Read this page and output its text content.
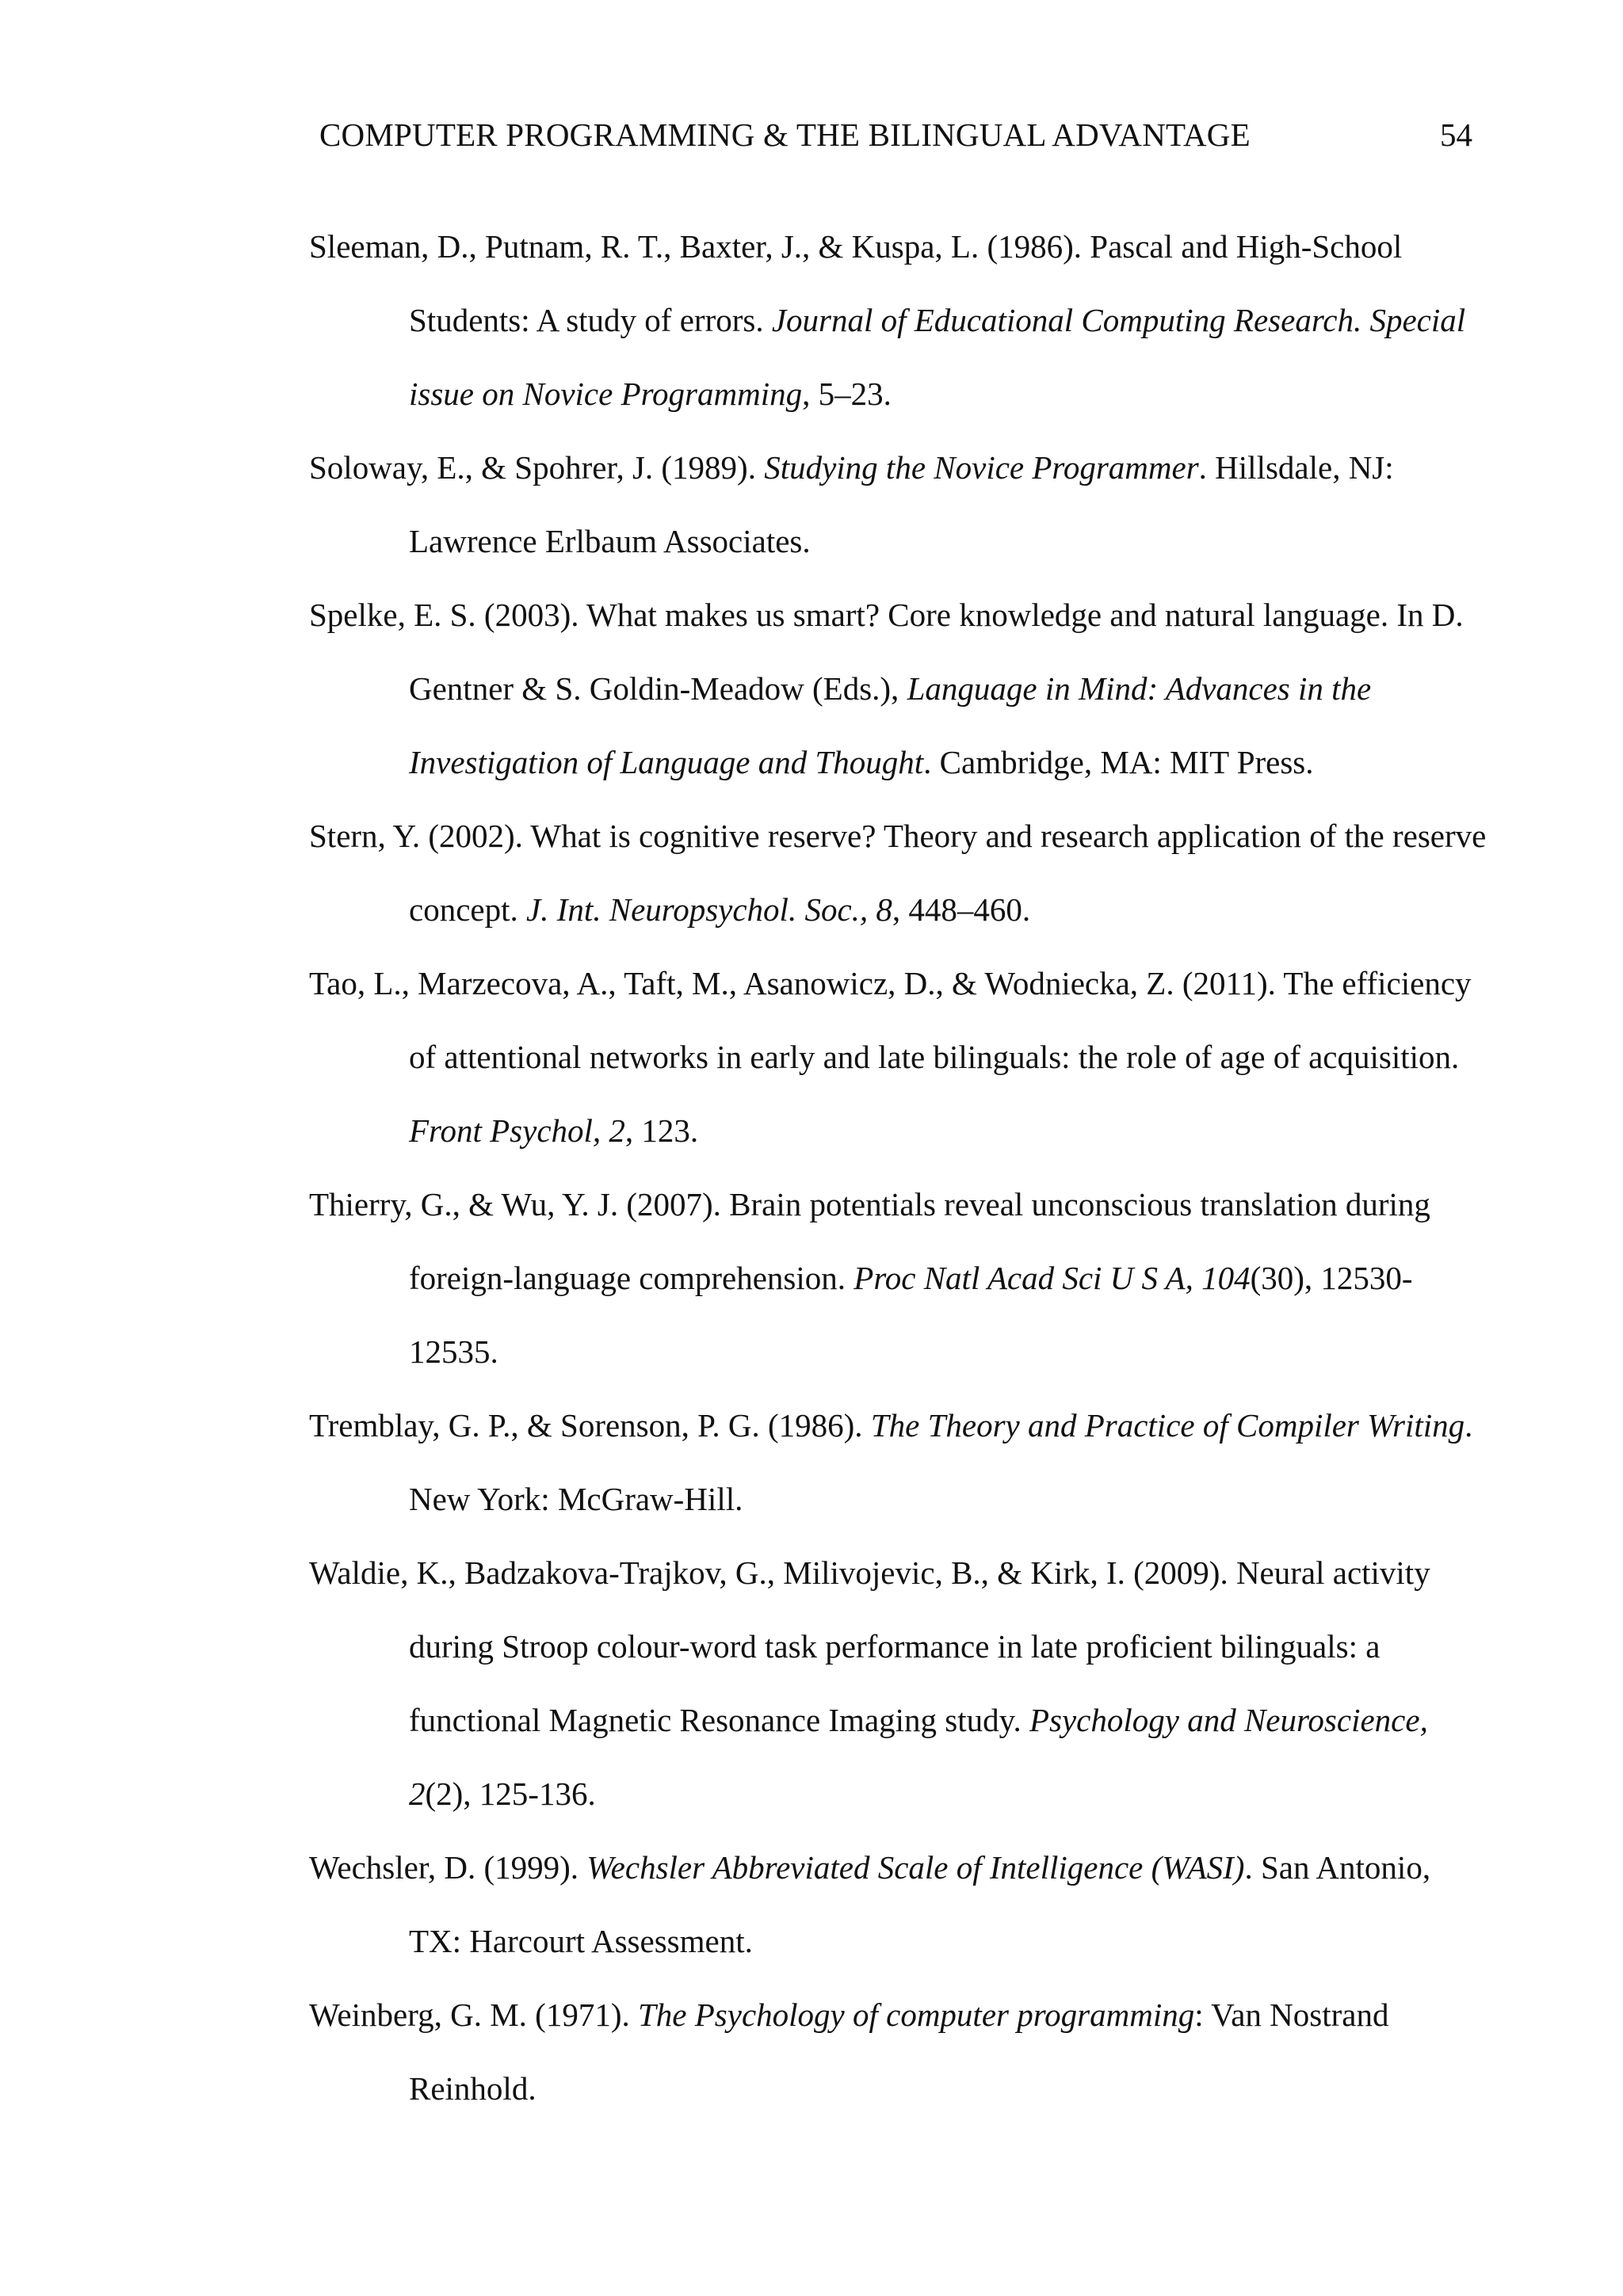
COMPUTER PROGRAMMING & THE BILINGUAL ADVANTAGE	54

Sleeman, D., Putnam, R. T., Baxter, J., & Kuspa, L. (1986). Pascal and High-School Students: A study of errors. Journal of Educational Computing Research. Special issue on Novice Programming, 5–23.

Soloway, E., & Spohrer, J. (1989). Studying the Novice Programmer. Hillsdale, NJ: Lawrence Erlbaum Associates.

Spelke, E. S. (2003). What makes us smart? Core knowledge and natural language. In D. Gentner & S. Goldin-Meadow (Eds.), Language in Mind: Advances in the Investigation of Language and Thought. Cambridge, MA: MIT Press.

Stern, Y. (2002). What is cognitive reserve? Theory and research application of the reserve concept. J. Int. Neuropsychol. Soc., 8, 448–460.

Tao, L., Marzecova, A., Taft, M., Asanowicz, D., & Wodniecka, Z. (2011). The efficiency of attentional networks in early and late bilinguals: the role of age of acquisition. Front Psychol, 2, 123.

Thierry, G., & Wu, Y. J. (2007). Brain potentials reveal unconscious translation during foreign-language comprehension. Proc Natl Acad Sci U S A, 104(30), 12530-12535.

Tremblay, G. P., & Sorenson, P. G. (1986). The Theory and Practice of Compiler Writing. New York: McGraw-Hill.

Waldie, K., Badzakova-Trajkov, G., Milivojevic, B., & Kirk, I. (2009). Neural activity during Stroop colour-word task performance in late proficient bilinguals: a functional Magnetic Resonance Imaging study. Psychology and Neuroscience, 2(2), 125-136.

Wechsler, D. (1999). Wechsler Abbreviated Scale of Intelligence (WASI). San Antonio, TX: Harcourt Assessment.

Weinberg, G. M. (1971). The Psychology of computer programming: Van Nostrand Reinhold.
